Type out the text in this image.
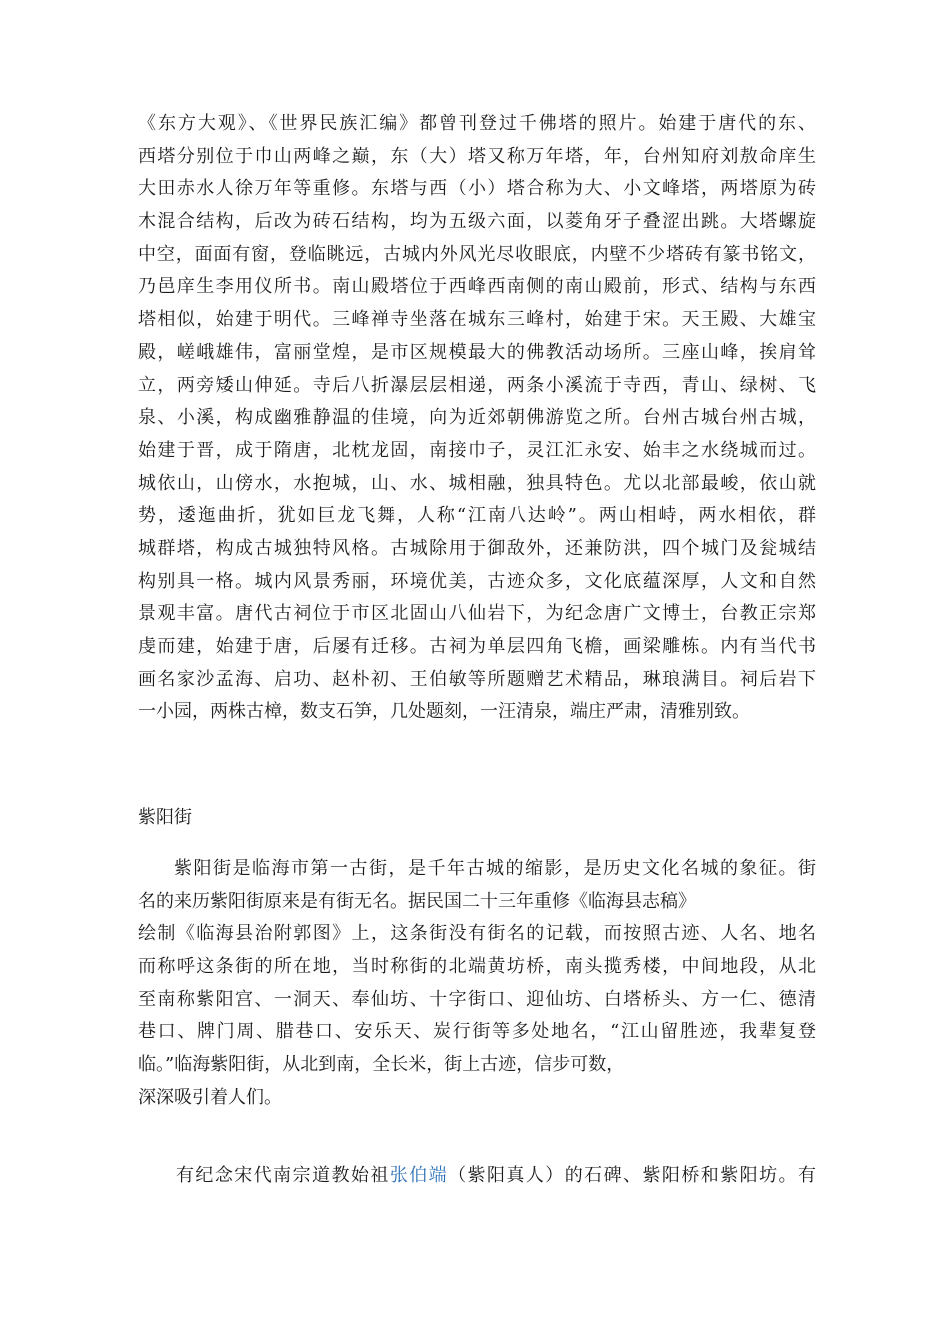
《东方大观》、《世界民族汇编》都曾刊登过千佛塔的照片。始建于唐代的东、
西塔分别位于巾山两峰之巅，东（大）塔又称万年塔，年，台州知府刘敖命庠生
大田赤水人徐万年等重修。东塔与西（小）塔合称为大、小文峰塔，两塔原为砖
木混合结构，后改为砖石结构，均为五级六面，以菱角牙子叠涩出跳。大塔螺旋
中空，面面有窗，登临眺远，古城内外风光尽收眼底，内壁不少塔砖有篆书铭文，
乃邑庠生李用仪所书。南山殿塔位于西峰西南侧的南山殿前，形式、结构与东西
塔相似，始建于明代。三峰禅寺坐落在城东三峰村，始建于宋。天王殿、大雄宝
殿，嵯峨雄伟，富丽堂煌，是市区规模最大的佛教活动场所。三座山峰，挨肩耸
立，两旁矮山伸延。寺后八折瀑层层相递，两条小溪流于寺西，青山、绿树、飞
泉、小溪，构成幽雅静温的佳境，向为近郊朝佛游览之所。台州古城台州古城，
始建于晋，成于隋唐，北枕龙固，南接巾子，灵江汇永安、始丰之水绕城而过。
城依山，山傍水，水抱城，山、水、城相融，独具特色。尤以北部最峻，依山就
势，逶迤曲折，犹如巨龙飞舞，人称“江南八达岭”。两山相峙，两水相依，群
城群塔，构成古城独特风格。古城除用于御敌外，还兼防洪，四个城门及瓮城结
构别具一格。城内风景秀丽，环境优美，古迹众多，文化底蕴深厚，人文和自然
景观丰富。唐代古祠位于市区北固山八仙岩下，为纪念唐广文博士，台教正宗郑
虔而建，始建于唐，后屡有迁移。古祠为单层四角飞檐，画梁雕栋。内有当代书
画名家沙孟海、启功、赵朴初、王伯敏等所题赠艺术精品，琳琅满目。祠后岩下
一小园，两株古樟，数支石笋，几处题刻，一汪清泉，端庄严肃，清雅别致。
紫阳街
紫阳街是临海市第一古街，是千年古城的缩影，是历史文化名城的象征。街
名的来历紫阳街原来是有街无名。据民国二十三年重修《临海县志稿》
绘制《临海县治附郭图》上，这条街没有街名的记载，而按照古迹、人名、地名
而称呼这条街的所在地，当时称街的北端黄坊桥，南头揽秀楼，中间地段，从北
至南称紫阳宫、一洞天、奉仙坊、十字街口、迎仙坊、白塔桥头、方一仁、德清
巷口、牌门周、腊巷口、安乐天、炭行街等多处地名，“江山留胜迹，我辈复登
临。”临海紫阳街，从北到南，全长米，街上古迹，信步可数，
深深吸引着人们。
有纪念宋代南宗道教始祖张伯端（紫阳真人）的石碑、紫阳桥和紫阳坊。有
